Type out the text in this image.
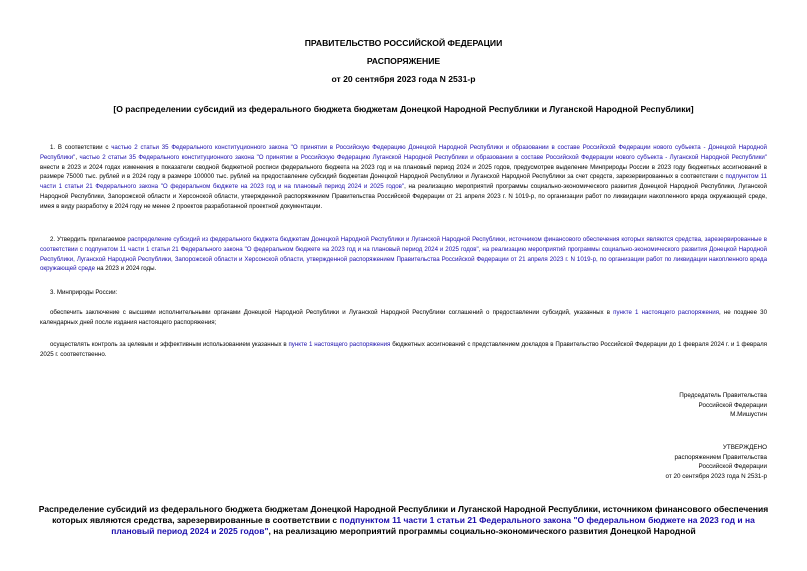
ПРАВИТЕЛЬСТВО РОССИЙСКОЙ ФЕДЕРАЦИИ
РАСПОРЯЖЕНИЕ
от 20 сентября 2023 года N 2531-р
[О распределении субсидий из федерального бюджета бюджетам Донецкой Народной Республики и Луганской Народной Республики]

1. В соответствии с частью 2 статьи 35 Федерального конституционного закона "О принятии в Российскую Федерацию Донецкой Народной Республики и образовании в составе Российской Федерации нового субъекта - Донецкой Народной Республики", частью 2 статьи 35 Федерального конституционного закона "О принятии в Российскую Федерацию Луганской Народной Республики и образовании в составе Российской Федерации нового субъекта - Луганской Народной Республики" внести в 2023 и 2024 годах изменения в показатели сводной бюджетной росписи федерального бюджета на 2023 год и на плановый период 2024 и 2025 годов, предусмотрев выделение Минприроды России в 2023 году бюджетных ассигнований в размере 75000 тыс. рублей и в 2024 году в размере 100000 тыс. рублей на предоставление субсидий бюджетам Донецкой Народной Республики и Луганской Народной Республики за счет средств, зарезервированных в соответствии с подпунктом 11 части 1 статьи 21 Федерального закона "О федеральном бюджете на 2023 год и на плановый период 2024 и 2025 годов", на реализацию мероприятий программы социально-экономического развития Донецкой Народной Республики, Луганской Народной Республики, Запорожской области и Херсонской области, утвержденной распоряжением Правительства Российской Федерации от 21 апреля 2023 г. N 1019-р, по организации работ по ликвидации накопленного вреда окружающей среде, имея в виду разработку в 2024 году не менее 2 проектов разработанной проектной документации.

2. Утвердить прилагаемое распределение субсидий из федерального бюджета бюджетам Донецкой Народной Республики и Луганской Народной Республики, источником финансового обеспечения которых являются средства, зарезервированные в соответствии с подпунктом 11 части 1 статьи 21 Федерального закона "О федеральном бюджете на 2023 год и на плановый период 2024 и 2025 годов", на реализацию мероприятий программы социально-экономического развития Донецкой Народной Республики, Луганской Народной Республики, Запорожской области и Херсонской области, утвержденной распоряжением Правительства Российской Федерации от 21 апреля 2023 г. N 1019-р, по организации работ по ликвидации накопленного вреда окружающей среде на 2023 и 2024 годы.

3. Минприроды России:

обеспечить заключение с высшими исполнительными органами Донецкой Народной Республики и Луганской Народной Республики соглашений о предоставлении субсидий, указанных в пункте 1 настоящего распоряжения, не позднее 30 календарных дней после издания настоящего распоряжения;

осуществлять контроль за целевым и эффективным использованием указанных в пункте 1 настоящего распоряжения бюджетных ассигнований с представлением докладов в Правительство Российской Федерации до 1 февраля 2024 г. и 1 февраля 2025 г. соответственно.

Председатель Правительства
Российской Федерации
М.Мишустин
УТВЕРЖДЕНО
распоряжением Правительства
Российской Федерации
от 20 сентября 2023 года N 2531-р

Распределение субсидий из федерального бюджета бюджетам Донецкой Народной Республики и Луганской Народной Республики, источником финансового обеспечения которых являются средства, зарезервированные в соответствии с подпунктом 11 части 1 статьи 21 Федерального закона "О федеральном бюджете на 2023 год и на плановый период 2024 и 2025 годов", на реализацию мероприятий программы социально-экономического развития Донецкой Народной
